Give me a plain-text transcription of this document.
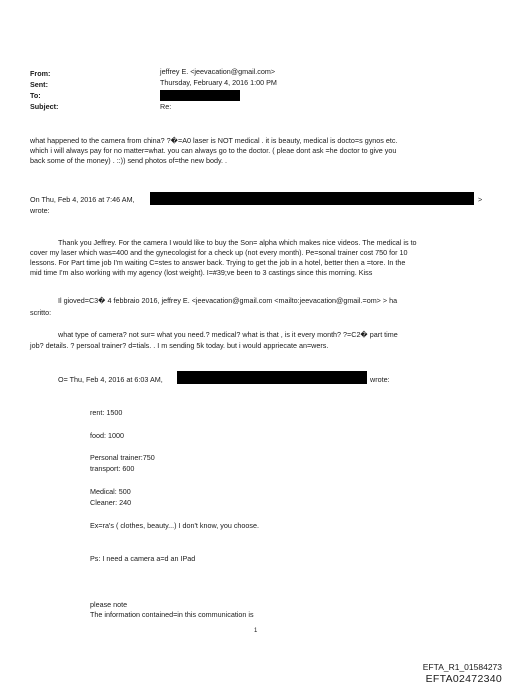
From:	jeffrey E. <jeevacation@gmail.com>
Sent:	Thursday, February 4, 2016 1:00 PM
To:
Subject:	Re:
what happened to the camera from china? ?�=A0 laser is NOT medical . it is beauty, medical is docto=s gynos etc.
which i will always pay for no matter=what. you can always go to the doctor. ( pleae dont ask =he doctor to give you
back some of the money) . ::)) send photos of=the new body. .
On Thu, Feb 4, 2016 at 7:46 AM,	>
wrote:
Thank you Jeffrey. For the camera I would like to buy the Son= alpha which makes nice videos. The medical is to
cover my laser which was=400 and the gynecologist for a check up (not every month). Pe=sonal trainer cost 750 for 10
lessons. For Part time job I'm waiting C=stes to answer back. Trying to get the job in a hotel, better then a =tore. In the
mid time I'm also working with my agency (lost weight). I=#39;ve been to 3 castings since this morning. Kiss
Il gioved=C3� 4 febbraio 2016, jeffrey E. <jeevacation@gmail.com <mailto:jeevacation@gmail.=om> > ha
scritto:
what type of camera? not sur= what you need.? medical? what is that , is it every month? ?=C2� part time
job? details. ? persoal trainer? d=tials. . I m sending 5k today. but i would appriecate an=wers.
O= Thu, Feb 4, 2016 at 6:03 AM,	wrote:
rent: 1500
food: 1000
Personal trainer:750
transport: 600
Medical: 500
Cleaner: 240
Ex=ra's ( clothes, beauty...) I don't know, you choose.
Ps: I need a camera a=d an IPad
please note
The information contained=in this communication is
1
EFTA_R1_01584273
EFTA02472340
